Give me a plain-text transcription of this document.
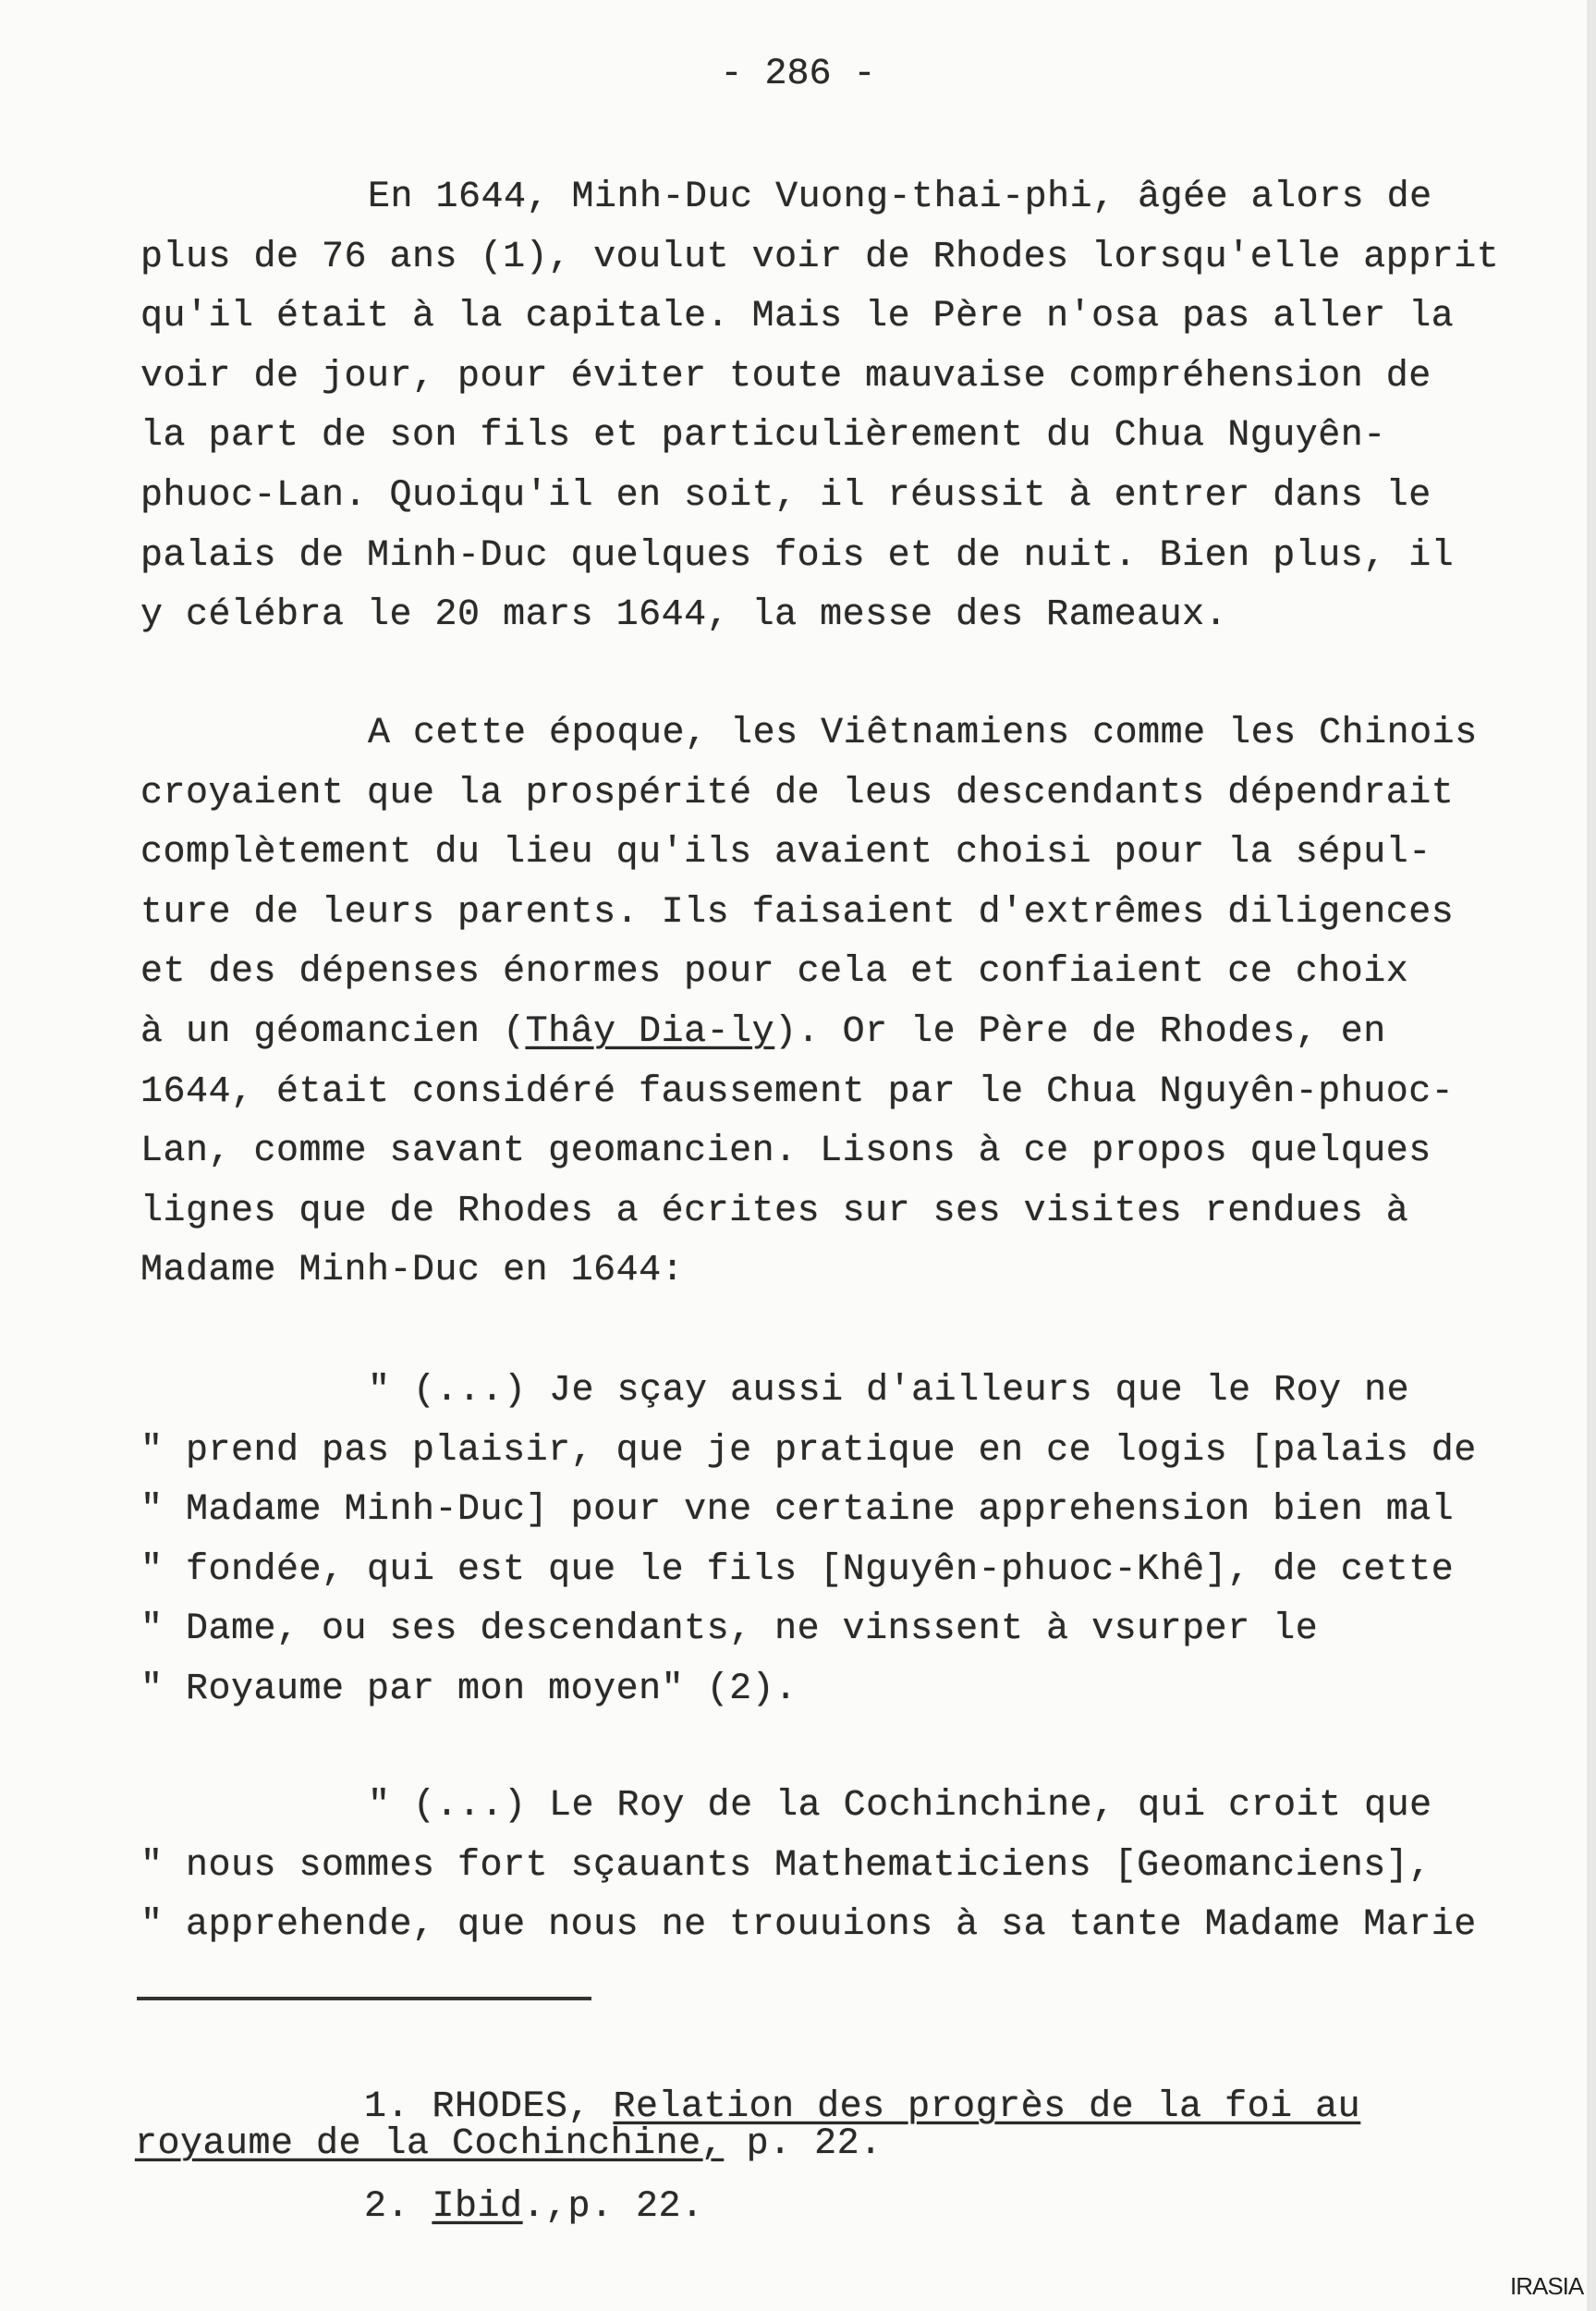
- 286 -
En 1644, Minh-Duc Vuong-thai-phi, âgée alors de
plus de 76 ans (1), voulut voir de Rhodes lorsqu'elle apprit
qu'il était à la capitale. Mais le Père n'osa pas aller la
voir de jour, pour éviter toute mauvaise compréhension de
la part de son fils et particulièrement du Chua Nguyên-
phuoc-Lan. Quoiqu'il en soit, il réussit à entrer dans le
palais de Minh-Duc quelques fois et de nuit. Bien plus, il
y célébra le 20 mars 1644, la messe des Rameaux.
A cette époque, les Viêtnamiens comme les Chinois
croyaient que la prospérité de leus descendants dépendrait
complètement du lieu qu'ils avaient choisi pour la sépul-
ture de leurs parents. Ils faisaient d'extrêmes diligences
et des dépenses énormes pour cela et confiaient ce choix
à un géomancien (Thây Dia-ly). Or le Père de Rhodes, en
1644, était considéré faussement par le Chua Nguyên-phuoc-
Lan, comme savant geomancien. Lisons à ce propos quelques
lignes que de Rhodes a écrites sur ses visites rendues à
Madame Minh-Duc en 1644:
" (...) Je sçay aussi d'ailleurs que le Roy ne
" prend pas plaisir, que je pratique en ce logis [palais de
" Madame Minh-Duc] pour vne certaine apprehension bien mal
" fondée, qui est que le fils [Nguyên-phuoc-Khê], de cette
" Dame, ou ses descendants, ne vinssent à vsurper le
" Royaume par mon moyen" (2).
" (...) Le Roy de la Cochinchine, qui croit que
" nous sommes fort sçauants Mathematiciens [Geomanciens],
" apprehende, que nous ne trouuions à sa tante Madame Marie
1. RHODES, Relation des progrès de la foi au
royaume de la Cochinchine, p. 22.
2. Ibid.,p. 22.
IRASIA
